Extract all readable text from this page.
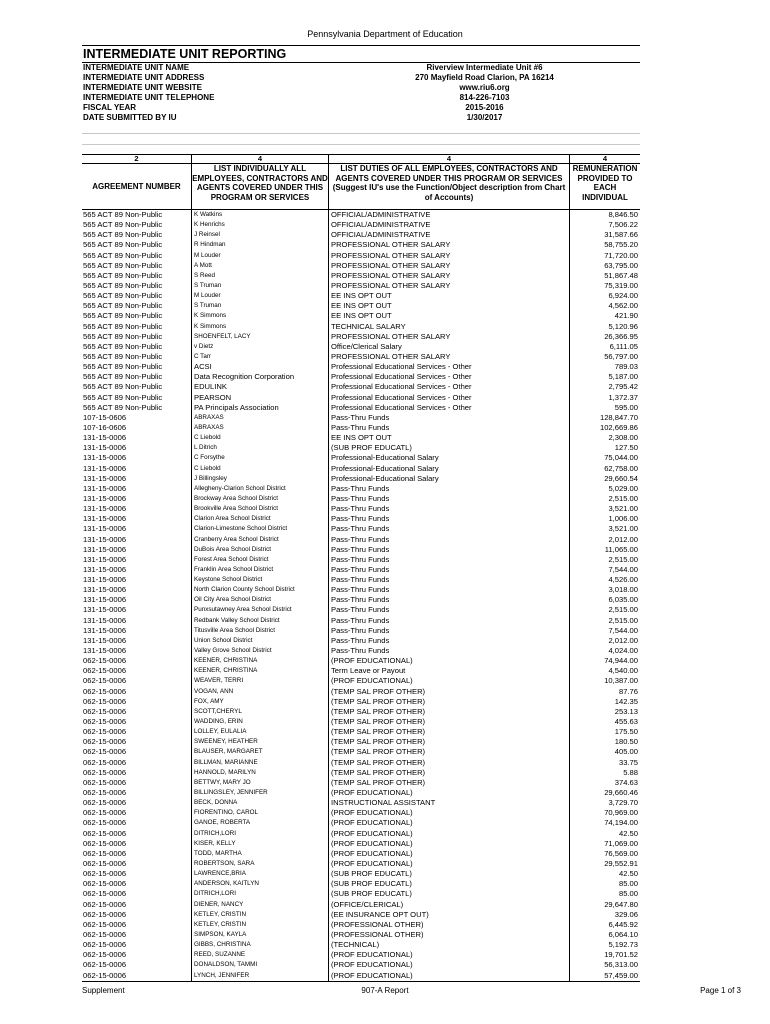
Pennsylvania Department of Education
INTERMEDIATE UNIT REPORTING
INTERMEDIATE UNIT NAME	Riverview Intermediate Unit #6
INTERMEDIATE UNIT ADDRESS	270 Mayfield Road Clarion, PA 16214
INTERMEDIATE UNIT WEBSITE	www.riu6.org
INTERMEDIATE UNIT TELEPHONE	814-226-7103
FISCAL YEAR	2015-2016
DATE SUBMITTED BY IU	1/30/2017
2	4	4	4
AGREEMENT NUMBER
LIST INDIVIDUALLY ALL EMPLOYEES, CONTRACTORS AND AGENTS COVERED UNDER THIS PROGRAM OR SERVICES
LIST DUTIES OF ALL EMPLOYEES, CONTRACTORS AND AGENTS COVERED UNDER THIS PROGRAM OR SERVICES (Suggest IU's use the Function/Object description from Chart of Accounts)
REMUNERATION PROVIDED TO EACH INDIVIDUAL
565 ACT 89 Non-Public	K Watkins	OFFICIAL/ADMINISTRATIVE	8,846.50
565 ACT 89 Non-Public	K Henrichs	OFFICIAL/ADMINISTRATIVE	7,506.22
565 ACT 89 Non-Public	J Reinsel	OFFICIAL/ADMINISTRATIVE	31,587.66
565 ACT 89 Non-Public	R Hindman	PROFESSIONAL OTHER SALARY	58,755.20
565 ACT 89 Non-Public	M Louder	PROFESSIONAL OTHER SALARY	71,720.00
565 ACT 89 Non-Public	A Mott	PROFESSIONAL OTHER SALARY	63,795.00
565 ACT 89 Non-Public	S Reed	PROFESSIONAL OTHER SALARY	51,867.48
565 ACT 89 Non-Public	S Truman	PROFESSIONAL OTHER SALARY	75,319.00
565 ACT 89 Non-Public	M Louder	EE INS OPT OUT	6,924.00
565 ACT 89 Non-Public	S Truman	EE INS OPT OUT	4,562.00
565 ACT 89 Non-Public	K Simmons	EE INS OPT OUT	421.90
565 ACT 89 Non-Public	K Simmons	TECHNICAL SALARY	5,120.96
565 ACT 89 Non-Public	SHOENFELT, LACY	PROFESSIONAL OTHER SALARY	26,366.95
565 ACT 89 Non-Public	v Dietz	Office/Clerical Salary	6,111.05
565 ACT 89 Non-Public	C Tarr	PROFESSIONAL OTHER SALARY	56,797.00
565 ACT 89 Non-Public	ACSI	Professional Educational Services - Other	789.03
565 ACT 89 Non-Public	Data Recognition Corporation	Professional Educational Services - Other	5,187.00
565 ACT 89 Non-Public	EDULINK	Professional Educational Services - Other	2,795.42
565 ACT 89 Non-Public	PEARSON	Professional Educational Services - Other	1,372.37
565 ACT 89 Non-Public	PA Principals Association	Professional Educational Services - Other	595.00
107-15-0606	ABRAXAS	Pass-Thru Funds	128,847.70
107-16-0606	ABRAXAS	Pass-Thru Funds	102,669.86
131-15-0006	C Liebold	EE INS OPT OUT	2,308.00
131-15-0006	L Ditrich	(SUB PROF EDUCATL)	127.50
131-15-0006	C Forsythe	Professional-Educational Salary	75,044.00
131-15-0006	C Liebold	Professional-Educational Salary	62,758.00
131-15-0006	J Billingsley	Professional-Educational Salary	29,660.54
131-15-0006	Allegheny-Clarion School District	Pass-Thru Funds	5,029.00
131-15-0006	Brockway Area School District	Pass-Thru Funds	2,515.00
131-15-0006	Brookville Area School District	Pass-Thru Funds	3,521.00
131-15-0006	Clarion Area School District	Pass-Thru Funds	1,006.00
131-15-0006	Clarion-Limestone School District	Pass-Thru Funds	3,521.00
131-15-0006	Cranberry Area School District	Pass-Thru Funds	2,012.00
131-15-0006	DuBois Area School District	Pass-Thru Funds	11,065.00
131-15-0006	Forest Area School District	Pass-Thru Funds	2,515.00
131-15-0006	Franklin Area School District	Pass-Thru Funds	7,544.00
131-15-0006	Keystone School District	Pass-Thru Funds	4,526.00
131-15-0006	North Clarion County School District	Pass-Thru Funds	3,018.00
131-15-0006	Oil City Area School District	Pass-Thru Funds	6,035.00
131-15-0006	Punxsutawney Area School District	Pass-Thru Funds	2,515.00
131-15-0006	Redbank Valley School District	Pass-Thru Funds	2,515.00
131-15-0006	Titusville Area School District	Pass-Thru Funds	7,544.00
131-15-0006	Union School District	Pass-Thru Funds	2,012.00
131-15-0006	Valley Grove School District	Pass-Thru Funds	4,024.00
062-15-0006	KEENER, CHRISTINA	(PROF EDUCATIONAL)	74,944.00
062-15-0006	KEENER, CHRISTINA	Term Leave or Payout	4,540.00
062-15-0006	WEAVER, TERRI	(PROF EDUCATIONAL)	10,387.00
062-15-0006	VOGAN, ANN	(TEMP SAL PROF OTHER)	87.76
062-15-0006	FOX, AMY	(TEMP SAL PROF OTHER)	142.35
062-15-0006	SCOTT,CHERYL	(TEMP SAL PROF OTHER)	253.13
062-15-0006	WADDING, ERIN	(TEMP SAL PROF OTHER)	455.63
062-15-0006	LOLLEY, EULALIA	(TEMP SAL PROF OTHER)	175.50
062-15-0006	SWEENEY, HEATHER	(TEMP SAL PROF OTHER)	180.50
062-15-0006	BLAUSER, MARGARET	(TEMP SAL PROF OTHER)	405.00
062-15-0006	BILLMAN, MARIANNE	(TEMP SAL PROF OTHER)	33.75
062-15-0006	HANNOLD, MARILYN	(TEMP SAL PROF OTHER)	5.88
062-15-0006	BETTWY, MARY JO	(TEMP SAL PROF OTHER)	374.63
062-15-0006	BILLINGSLEY, JENNIFER	(PROF EDUCATIONAL)	29,660.46
062-15-0006	BECK, DONNA	INSTRUCTIONAL ASSISTANT	3,729.70
062-15-0006	FIORENTINO, CAROL	(PROF EDUCATIONAL)	70,969.00
062-15-0006	GANOE, ROBERTA	(PROF EDUCATIONAL)	74,194.00
062-15-0006	DITRICH,LORI	(PROF EDUCATIONAL)	42.50
062-15-0006	KISER, KELLY	(PROF EDUCATIONAL)	71,069.00
062-15-0006	TODD, MARTHA	(PROF EDUCATIONAL)	76,569.00
062-15-0006	ROBERTSON, SARA	(PROF EDUCATIONAL)	29,552.91
062-15-0006	LAWRENCE,BRIA	(SUB PROF EDUCATL)	42.50
062-15-0006	ANDERSON, KAITLYN	(SUB PROF EDUCATL)	85.00
062-15-0006	DITRICH,LORI	(SUB PROF EDUCATL)	85.00
062-15-0006	DIENER, NANCY	(OFFICE/CLERICAL)	29,647.80
062-15-0006	KETLEY, CRISTIN	(EE INSURANCE OPT OUT)	329.06
062-15-0006	KETLEY, CRISTIN	(PROFESSIONAL OTHER)	6,445.92
062-15-0006	SIMPSON, KAYLA	(PROFESSIONAL OTHER)	6,064.10
062-15-0006	GIBBS, CHRISTINA	(TECHNICAL)	5,192.73
062-15-0006	REED, SUZANNE	(PROF EDUCATIONAL)	19,701.52
062-15-0006	DONALDSON, TAMMI	(PROF EDUCATIONAL)	56,313.00
062-15-0006	LYNCH, JENNIFER	(PROF EDUCATIONAL)	57,459.00
Supplement	907-A Report	Page 1 of 3
